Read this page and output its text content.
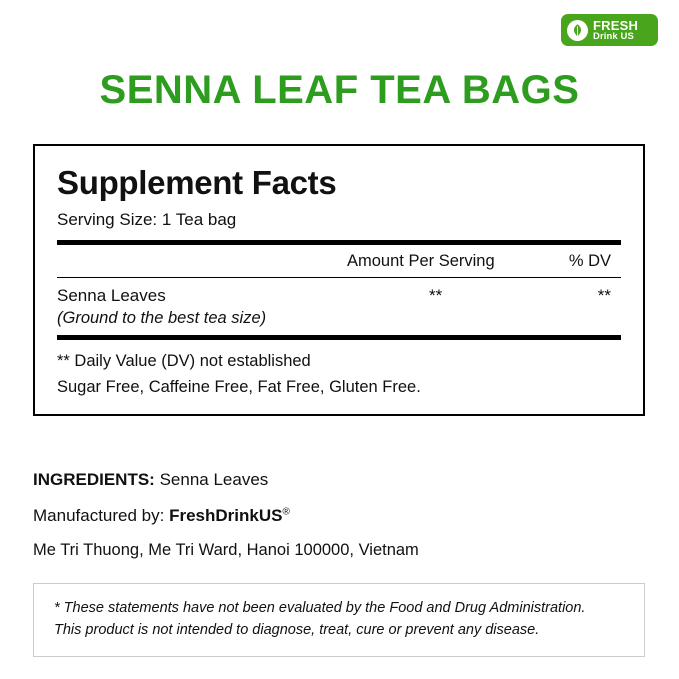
FRESH
Drink US
SENNA LEAF TEA BAGS
Supplement Facts
Serving Size: 1 Tea bag
Amount Per Serving	% DV
Senna Leaves
(Ground to the best tea size)
**	**
** Daily Value (DV) not established
Sugar Free, Caffeine Free, Fat Free, Gluten Free.
INGREDIENTS: Senna Leaves
Manufactured by: FreshDrinkUS®
Me Tri Thuong, Me Tri Ward, Hanoi 100000, Vietnam
* These statements have not been evaluated by the Food and Drug Administration.
This product is not intended to diagnose, treat, cure or prevent any disease.
